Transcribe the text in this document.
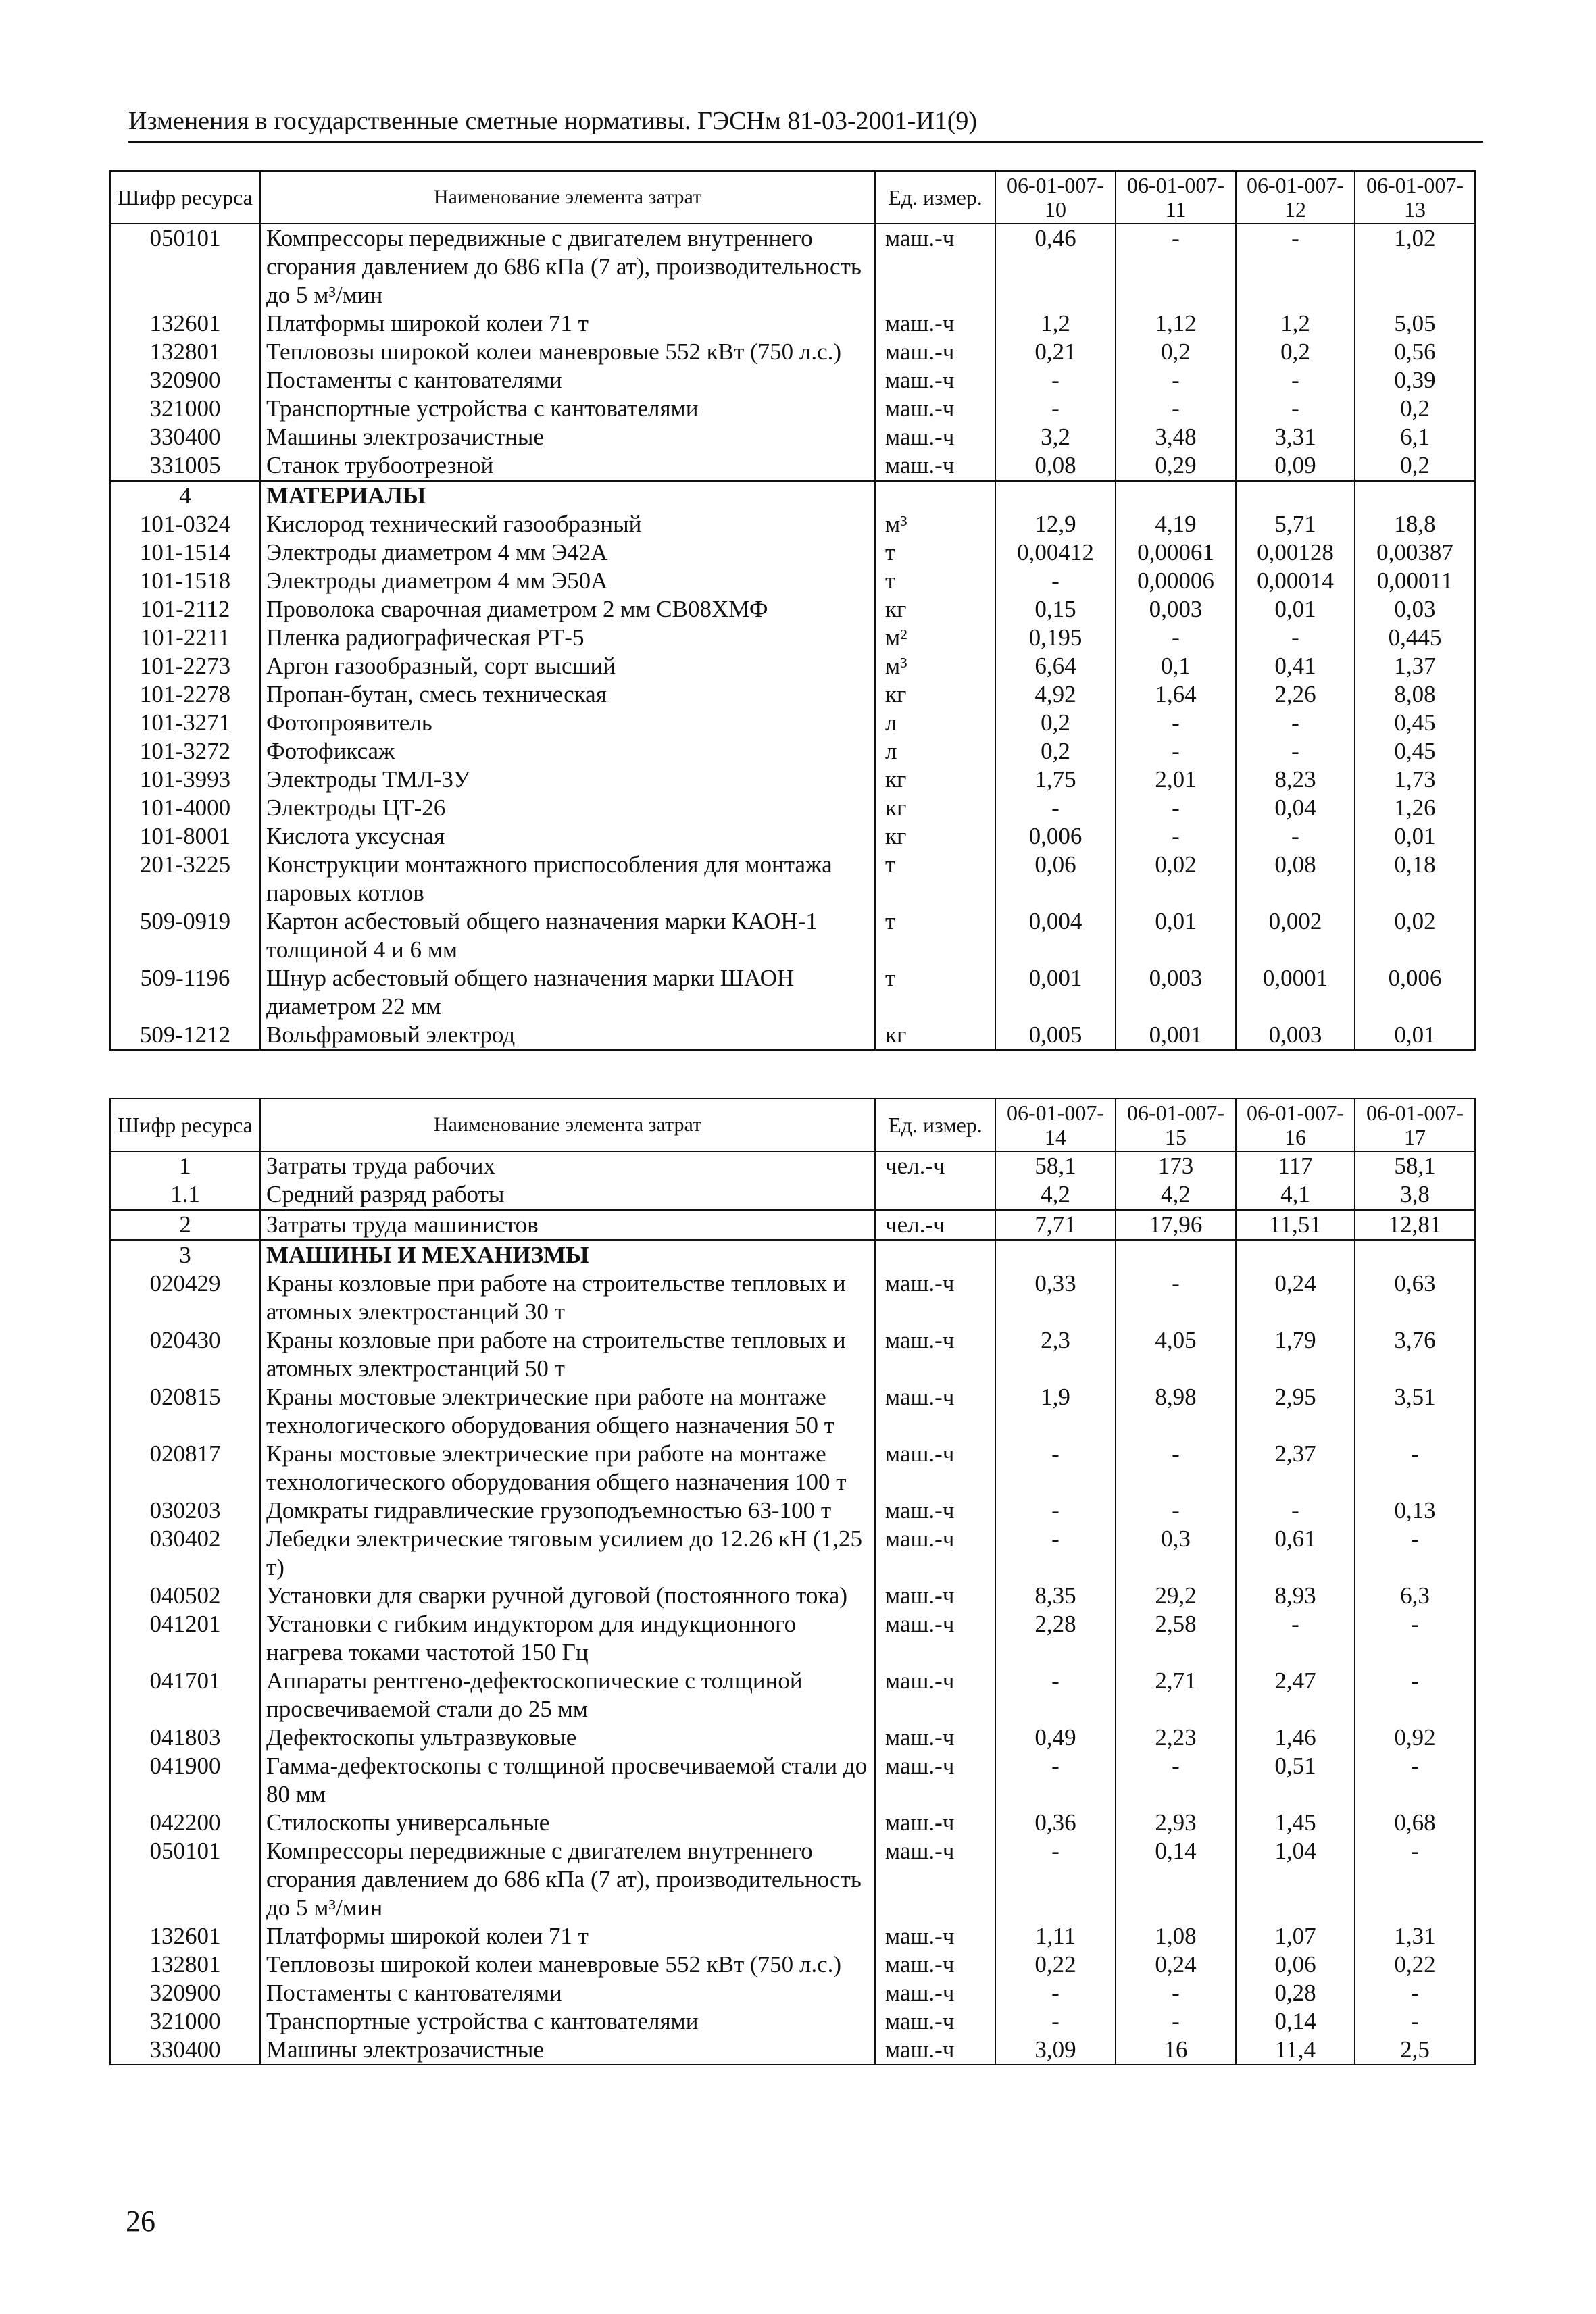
Изменения в государственные сметные нормативы. ГЭСНм 81-03-2001-И1(9)
Шифр ресурса	Наименование элемента затрат	Ед. измер.	06-01-007-10	06-01-007-11	06-01-007-12	06-01-007-13
050101	Компрессоры передвижные с двигателем внутреннего сгорания давлением до 686 кПа (7 ат), производительность до 5 м³/мин	маш.-ч	0,46	-	-	1,02
132601	Платформы широкой колеи 71 т	маш.-ч	1,2	1,12	1,2	5,05
132801	Тепловозы широкой колеи маневровые 552 кВт (750 л.с.)	маш.-ч	0,21	0,2	0,2	0,56
320900	Постаменты с кантователями	маш.-ч	-	-	-	0,39
321000	Транспортные устройства с кантователями	маш.-ч	-	-	-	0,2
330400	Машины электрозачистные	маш.-ч	3,2	3,48	3,31	6,1
331005	Станок трубоотрезной	маш.-ч	0,08	0,29	0,09	0,2
4	МАТЕРИАЛЫ					
101-0324	Кислород технический газообразный	м³	12,9	4,19	5,71	18,8
101-1514	Электроды диаметром 4 мм Э42А	т	0,00412	0,00061	0,00128	0,00387
101-1518	Электроды диаметром 4 мм Э50А	т	-	0,00006	0,00014	0,00011
101-2112	Проволока сварочная диаметром 2 мм СВ08ХМФ	кг	0,15	0,003	0,01	0,03
101-2211	Пленка радиографическая РТ-5	м²	0,195	-	-	0,445
101-2273	Аргон газообразный, сорт высший	м³	6,64	0,1	0,41	1,37
101-2278	Пропан-бутан, смесь техническая	кг	4,92	1,64	2,26	8,08
101-3271	Фотопроявитель	л	0,2	-	-	0,45
101-3272	Фотофиксаж	л	0,2	-	-	0,45
101-3993	Электроды ТМЛ-3У	кг	1,75	2,01	8,23	1,73
101-4000	Электроды ЦТ-26	кг	-	-	0,04	1,26
101-8001	Кислота уксусная	кг	0,006	-	-	0,01
201-3225	Конструкции монтажного приспособления для монтажа паровых котлов	т	0,06	0,02	0,08	0,18
509-0919	Картон асбестовый общего назначения марки КАОН-1 толщиной 4 и 6 мм	т	0,004	0,01	0,002	0,02
509-1196	Шнур асбестовый общего назначения марки ШАОН диаметром 22 мм	т	0,001	0,003	0,0001	0,006
509-1212	Вольфрамовый электрод	кг	0,005	0,001	0,003	0,01
Шифр ресурса	Наименование элемента затрат	Ед. измер.	06-01-007-14	06-01-007-15	06-01-007-16	06-01-007-17
1	Затраты труда рабочих	чел.-ч	58,1	173	117	58,1
1.1	Средний разряд работы		4,2	4,2	4,1	3,8
2	Затраты труда машинистов	чел.-ч	7,71	17,96	11,51	12,81
3	МАШИНЫ И МЕХАНИЗМЫ					
020429	Краны козловые при работе на строительстве тепловых и атомных электростанций 30 т	маш.-ч	0,33	-	0,24	0,63
020430	Краны козловые при работе на строительстве тепловых и атомных электростанций 50 т	маш.-ч	2,3	4,05	1,79	3,76
020815	Краны мостовые электрические при работе на монтаже технологического оборудования общего назначения 50 т	маш.-ч	1,9	8,98	2,95	3,51
020817	Краны мостовые электрические при работе на монтаже технологического оборудования общего назначения 100 т	маш.-ч	-	-	2,37	-
030203	Домкраты гидравлические грузоподъемностью 63-100 т	маш.-ч	-	-	-	0,13
030402	Лебедки электрические тяговым усилием до 12.26 кН (1,25 т)	маш.-ч	-	0,3	0,61	-
040502	Установки для сварки ручной дуговой (постоянного тока)	маш.-ч	8,35	29,2	8,93	6,3
041201	Установки с гибким индуктором для индукционного нагрева токами частотой 150 Гц	маш.-ч	2,28	2,58	-	-
041701	Аппараты рентгено-дефектоскопические с толщиной просвечиваемой стали до 25 мм	маш.-ч	-	2,71	2,47	-
041803	Дефектоскопы ультразвуковые	маш.-ч	0,49	2,23	1,46	0,92
041900	Гамма-дефектоскопы с толщиной просвечиваемой стали до 80 мм	маш.-ч	-	-	0,51	-
042200	Стилоскопы универсальные	маш.-ч	0,36	2,93	1,45	0,68
050101	Компрессоры передвижные с двигателем внутреннего сгорания давлением до 686 кПа (7 ат), производительность до 5 м³/мин	маш.-ч	-	0,14	1,04	-
132601	Платформы широкой колеи 71 т	маш.-ч	1,11	1,08	1,07	1,31
132801	Тепловозы широкой колеи маневровые 552 кВт (750 л.с.)	маш.-ч	0,22	0,24	0,06	0,22
320900	Постаменты с кантователями	маш.-ч	-	-	0,28	-
321000	Транспортные устройства с кантователями	маш.-ч	-	-	0,14	-
330400	Машины электрозачистные	маш.-ч	3,09	16	11,4	2,5
26
